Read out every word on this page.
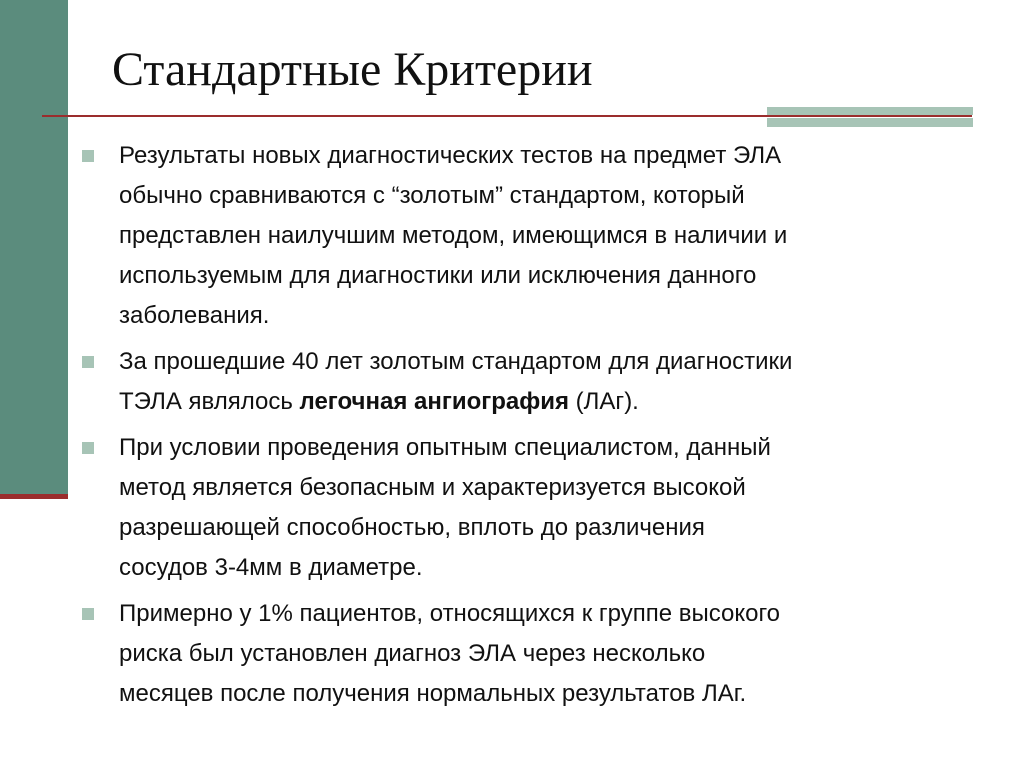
Стандартные Критерии
Результаты новых диагностических тестов на предмет ЭЛА
обычно сравниваются с “золотым” стандартом, который
представлен наилучшим методом, имеющимся в наличии и
используемым для диагностики или исключения данного
заболевания.
За прошедшие 40 лет золотым стандартом для диагностики
ТЭЛА являлось легочная ангиография (ЛАг).
При условии проведения опытным специалистом, данный
метод является безопасным и характеризуется высокой
разрешающей способностью, вплоть до различения
сосудов 3-4мм в диаметре.
Примерно у 1% пациентов, относящихся к группе высокого
риска был установлен диагноз ЭЛА через несколько
месяцев после получения нормальных результатов ЛАг.
